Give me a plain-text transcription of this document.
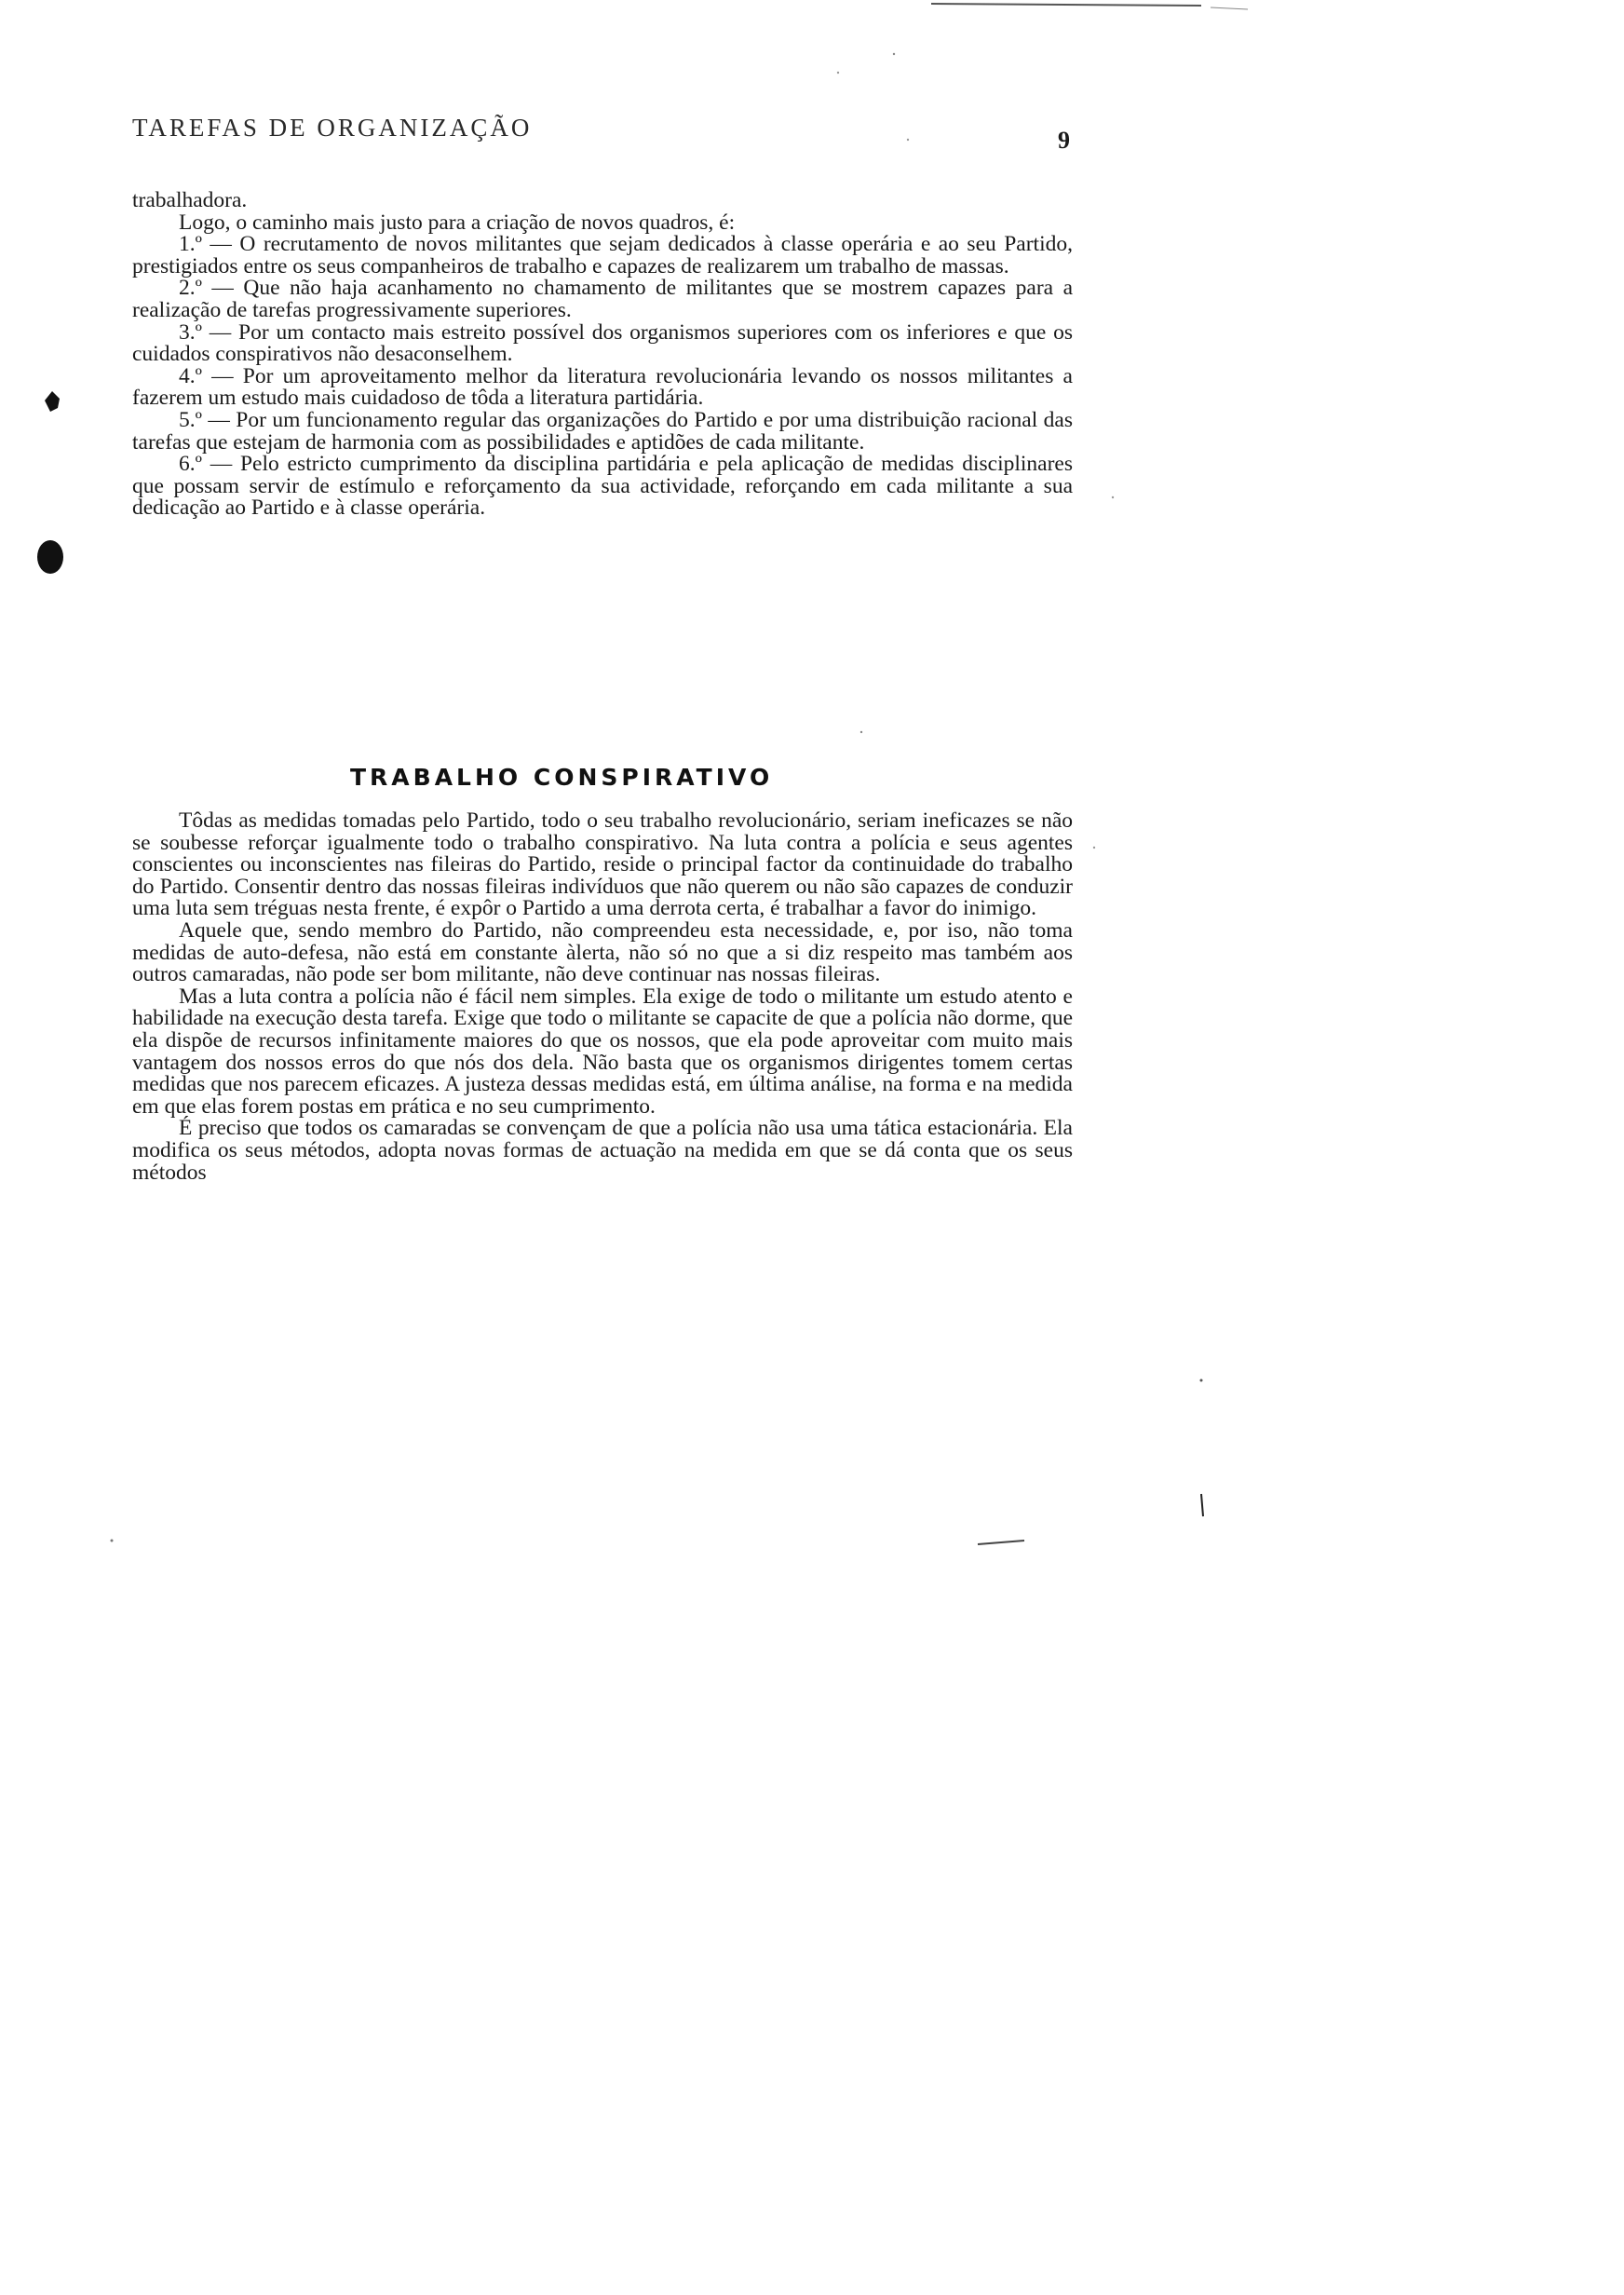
TAREFAS DE ORGANIZAÇÃO	9

trabalhadora.

Logo, o caminho mais justo para a criação de novos quadros, é:

1.º — O recrutamento de novos militantes que sejam dedicados à classe operária e ao seu Partido, prestigiados entre os seus companheiros de trabalho e capazes de realizarem um trabalho de massas.

2.º — Que não haja acanhamento no chamamento de militantes que se mostrem capazes para a realização de tarefas progressivamente superiores.

3.º — Por um contacto mais estreito possível dos organismos superiores com os inferiores e que os cuidados conspirativos não desaconselhem.

4.º — Por um aproveitamento melhor da literatura revolucionária levando os nossos militantes a fazerem um estudo mais cuidadoso de tôda a literatura partidária.

5.º — Por um funcionamento regular das organizações do Partido e por uma distribuição racional das tarefas que estejam de harmonia com as possibilidades e aptidões de cada militante.

6.º — Pelo estricto cumprimento da disciplina partidária e pela aplicação de medidas disciplinares que possam servir de estímulo e reforçamento da sua actividade, reforçando em cada militante a sua dedicação ao Partido e à classe operária.

TRABALHO CONSPIRATIVO

Tôdas as medidas tomadas pelo Partido, todo o seu trabalho revolucionário, seriam ineficazes se não se soubesse reforçar igualmente todo o trabalho conspirativo. Na luta contra a polícia e seus agentes conscientes ou inconscientes nas fileiras do Partido, reside o principal factor da continuidade do trabalho do Partido. Consentir dentro das nossas fileiras indivíduos que não querem ou não são capazes de conduzir uma luta sem tréguas nesta frente, é expôr o Partido a uma derrota certa, é trabalhar a favor do inimigo.

Aquele que, sendo membro do Partido, não compreendeu esta necessidade, e, por iso, não toma medidas de auto-defesa, não está em constante àlerta, não só no que a si diz respeito mas também aos outros camaradas, não pode ser bom militante, não deve continuar nas nossas fileiras.

Mas a luta contra a polícia não é fácil nem simples. Ela exige de todo o militante um estudo atento e habilidade na execução desta tarefa. Exige que todo o militante se capacite de que a polícia não dorme, que ela dispõe de recursos infinitamente maiores do que os nossos, que ela pode aproveitar com muito mais vantagem dos nossos erros do que nós dos dela. Não basta que os organismos dirigentes tomem certas medidas que nos parecem eficazes. A justeza dessas medidas está, em última análise, na forma e na medida em que elas forem postas em prática e no seu cumprimento.

É preciso que todos os camaradas se convençam de que a polícia não usa uma tática estacionária. Ela modifica os seus métodos, adopta novas formas de actuação na medida em que se dá conta que os seus métodos
